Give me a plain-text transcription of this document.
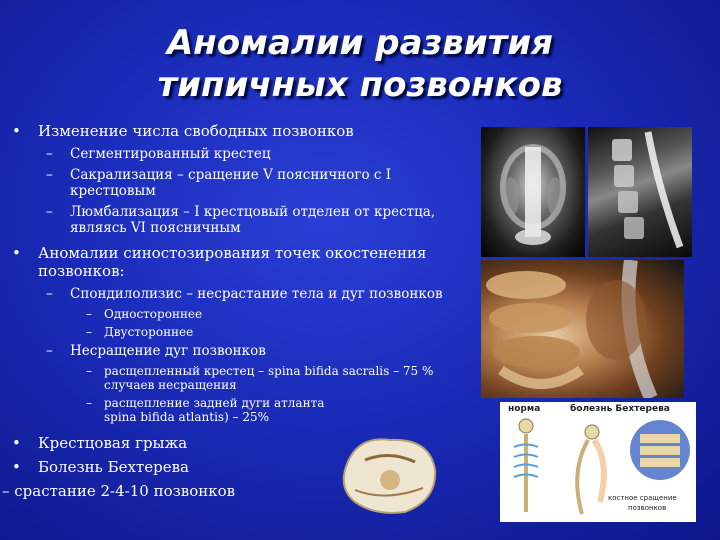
Аномалии развития
типичных позвонков
• Изменение числа свободных позвонков
– Сегментированный крестец
– Сакрализация – сращение V поясничного с I
крестцовым
– Люмбализация – I крестцовый отделен от крестца,
являясь VI поясничным
• Аномалии синостозирования точек окостенения
позвонков:
– Спондилолизис – несрастание тела и дуг позвонков
– Одностороннее
– Двустороннее
– Несращение дуг позвонков
– расщепленный крестец – spina bifida sacralis – 75 %
случаев несращения
– расщепление задней дуги атланта
spina bifida atlantis) – 25%
• Крестцовая грыжа
• Болезнь Бехтерева
– срастание 2-4-10 позвонков
норма	болезнь Бехтерева
костное сращение
позвонков
